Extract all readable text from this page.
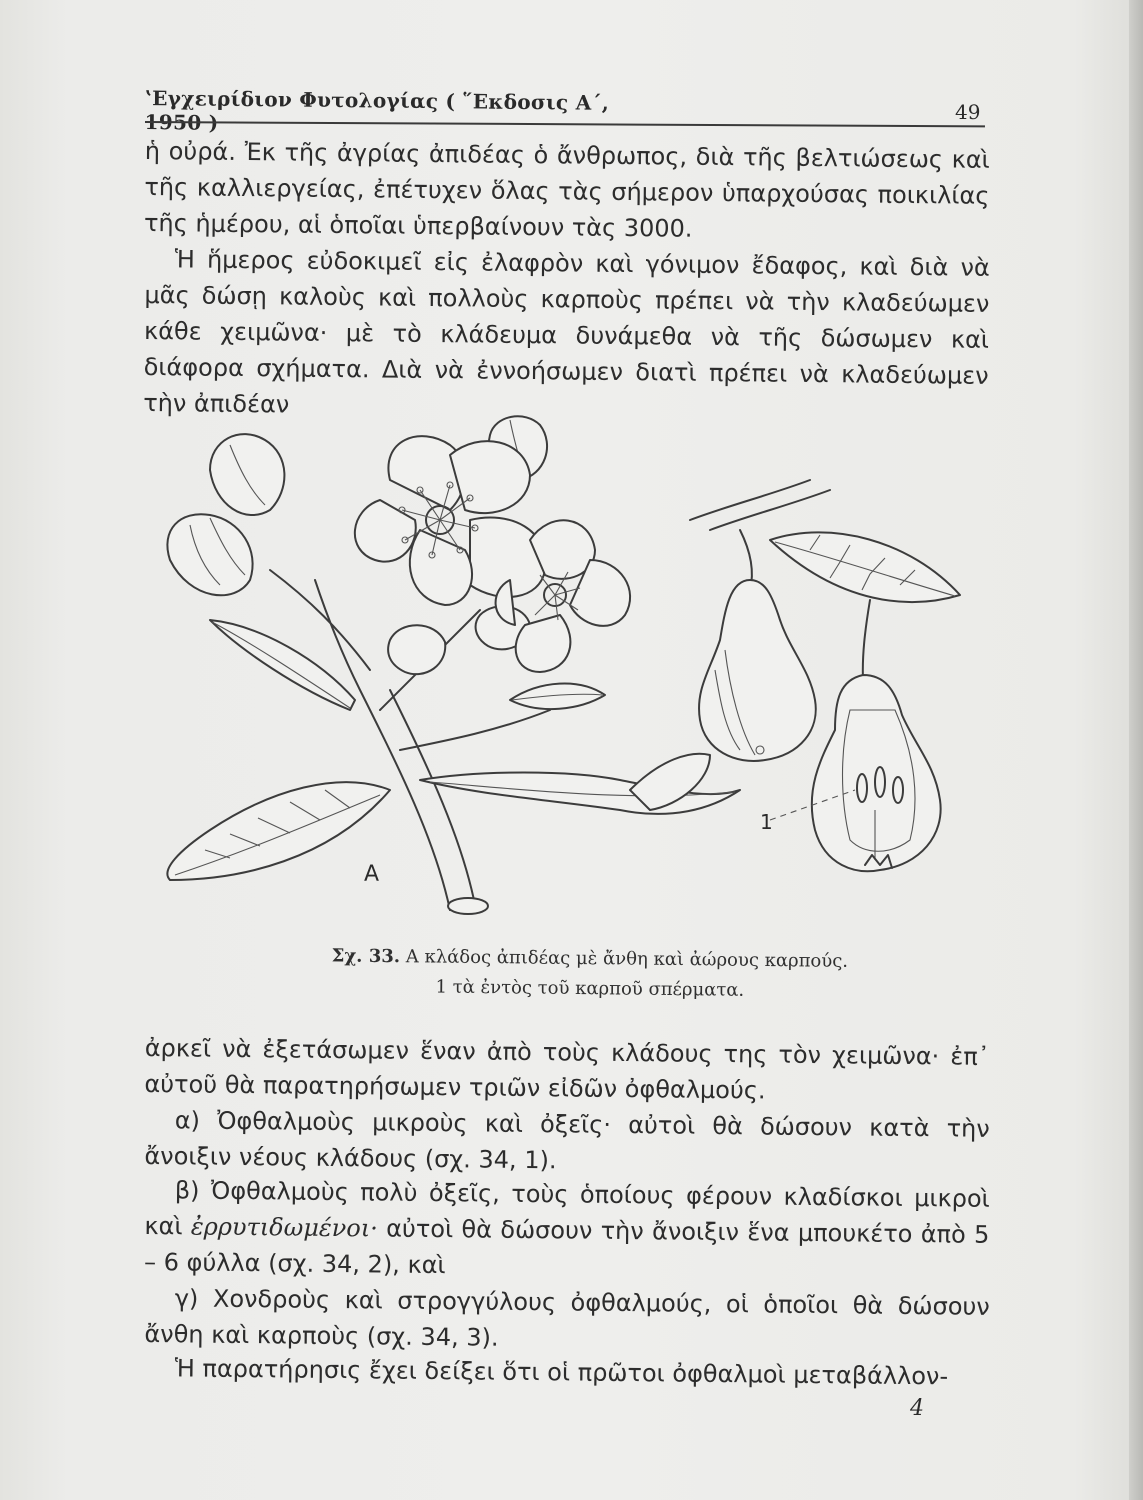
ʽΕγχειρίδιον Φυτολογίας ( ῞Εκδοσις Α΄, 1950 )	49

ἡ οὐρά. Ἐκ τῆς ἀγρίας ἀπιδέας ὁ ἄνθρωπος, διὰ τῆς βελτιώσεως καὶ τῆς καλλιεργείας, ἐπέτυχεν ὅλας τὰς σήμερον ὑπαρχούσας ποικιλίας τῆς ἡμέρου, αἱ ὁποῖαι ὑπερβαίνουν τὰς 3000.

Ἡ ἥμερος εὐδοκιμεῖ εἰς ἐλαφρὸν καὶ γόνιμον ἔδαφος, καὶ διὰ νὰ μᾶς δώσῃ καλοὺς καὶ πολλοὺς καρποὺς πρέπει νὰ τὴν κλαδεύωμεν κάθε χειμῶνα· μὲ τὸ κλάδευμα δυνάμεθα νὰ τῆς δώσωμεν καὶ διάφορα σχήματα. Διὰ νὰ ἐννοήσωμεν διατὶ πρέπει νὰ κλαδεύωμεν τὴν ἀπιδέαν

Α
1
Σχ. 33. Α κλάδος ἀπιδέας μὲ ἄνθη καὶ ἀώρους καρπούς.
1 τὰ ἐντὸς τοῦ καρποῦ σπέρματα.

ἀρκεῖ νὰ ἐξετάσωμεν ἕναν ἀπὸ τοὺς κλάδους της τὸν χειμῶνα· ἐπ᾽ αὐτοῦ θὰ παρατηρήσωμεν τριῶν εἰδῶν ὀφθαλμούς.

α) Ὀφθαλμοὺς μικροὺς καὶ ὀξεῖς· αὐτοὶ θὰ δώσουν κατὰ τὴν ἄνοιξιν νέους κλάδους (σχ. 34, 1).

β) Ὀφθαλμοὺς πολὺ ὀξεῖς, τοὺς ὁποίους φέρουν κλαδίσκοι μικροὶ καὶ ἐρρυτιδωμένοι· αὐτοὶ θὰ δώσουν τὴν ἄνοιξιν ἕνα μπουκέτο ἀπὸ 5 – 6 φύλλα (σχ. 34, 2), καὶ

γ) Χονδροὺς καὶ στρογγύλους ὀφθαλμούς, οἱ ὁποῖοι θὰ δώσουν ἄνθη καὶ καρποὺς (σχ. 34, 3).

Ἡ παρατήρησις ἔχει δείξει ὅτι οἱ πρῶτοι ὀφθαλμοὶ μεταβάλλον-

4
